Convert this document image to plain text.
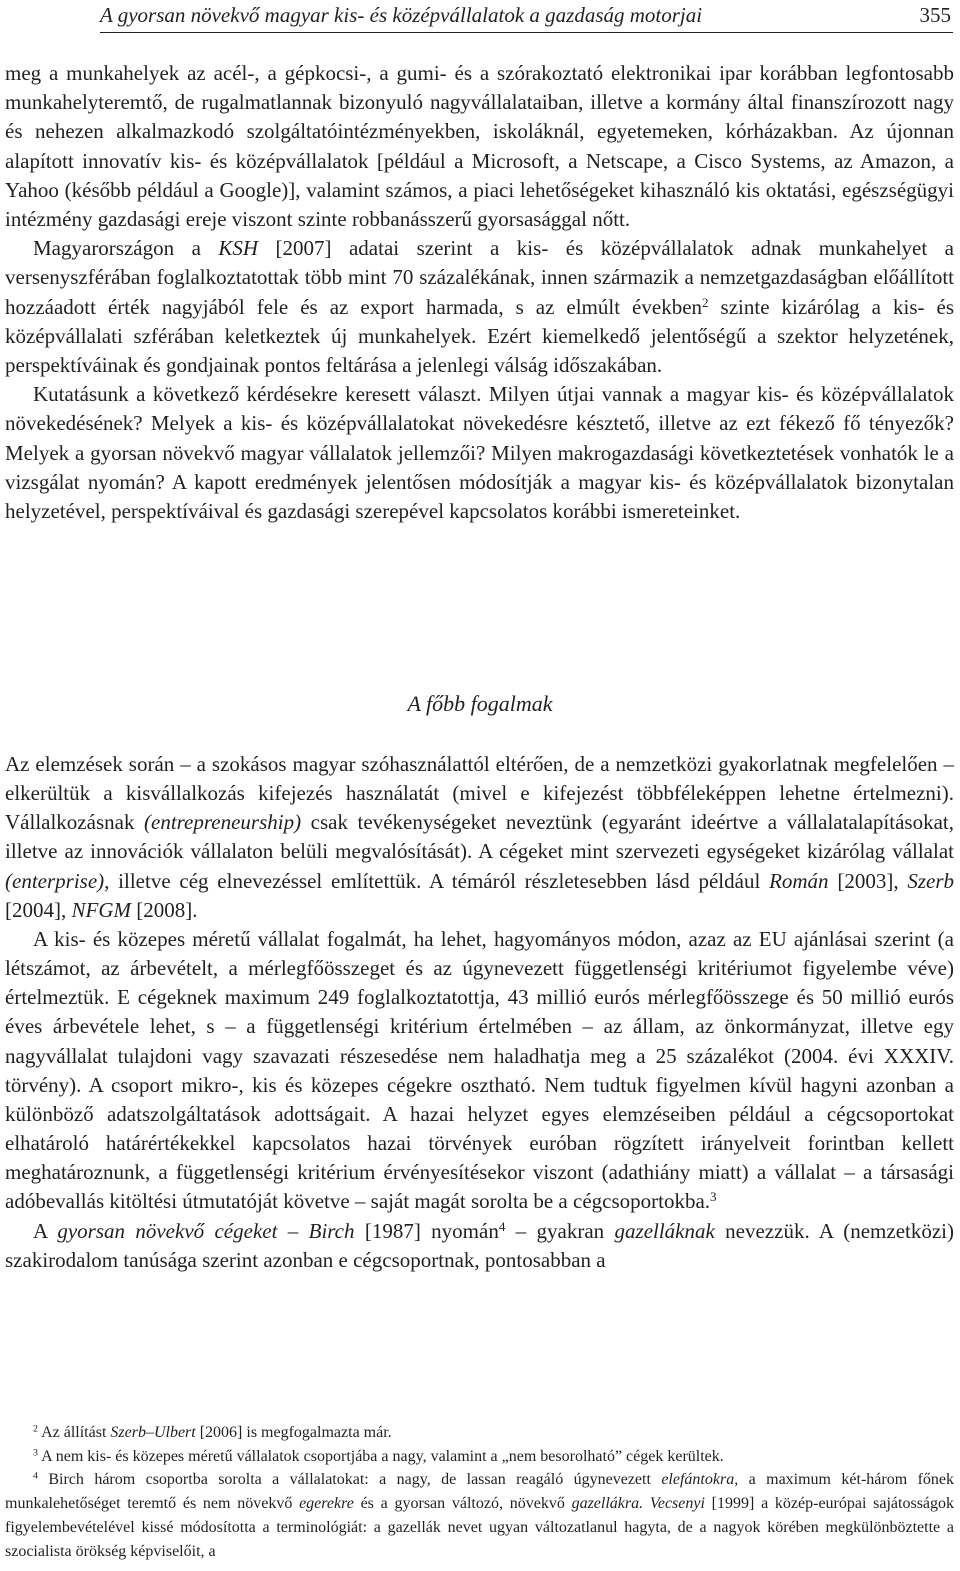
A gyorsan növekvő magyar kis- és középvállalatok a gazdaság motorjai	355

meg a munkahelyek az acél-, a gépkocsi-, a gumi- és a szórakoztató elektronikai ipar korábban legfontosabb munkahelyteremtő, de rugalmatlannak bizonyuló nagyvállalataiban, illetve a kormány által finanszírozott nagy és nehezen alkalmazkodó szolgáltatóintézményekben, iskoláknál, egyetemeken, kórházakban. Az újonnan alapított innovatív kis- és középvállalatok [például a Microsoft, a Netscape, a Cisco Systems, az Amazon, a Yahoo (később például a Google)], valamint számos, a piaci lehetőségeket kihasználó kis oktatási, egészségügyi intézmény gazdasági ereje viszont szinte robbanásszerű gyorsasággal nőtt.

Magyarországon a KSH [2007] adatai szerint a kis- és középvállalatok adnak munkahelyet a versenyszférában foglalkoztatottak több mint 70 százalékának, innen származik a nemzetgazdaságban előállított hozzáadott érték nagyjából fele és az export harmada, s az elmúlt években$^2$ szinte kizárólag a kis- és középvállalati szférában keletkeztek új munkahelyek. Ezért kiemelkedő jelentőségű a szektor helyzetének, perspektíváinak és gondjainak pontos feltárása a jelenlegi válság időszakában.

Kutatásunk a következő kérdésekre keresett választ. Milyen útjai vannak a magyar kis- és középvállalatok növekedésének? Melyek a kis- és középvállalatokat növekedésre késztető, illetve az ezt fékező fő tényezők? Melyek a gyorsan növekvő magyar vállalatok jellemzői? Milyen makrogazdasági következtetések vonhatók le a vizsgálat nyomán? A kapott eredmények jelentősen módosítják a magyar kis- és középvállalatok bizonytalan helyzetével, perspektíváival és gazdasági szerepével kapcsolatos korábbi ismereteinket.

A főbb fogalmak

Az elemzések során – a szokásos magyar szóhasználattól eltérően, de a nemzetközi gyakorlatnak megfelelően – elkerültük a kisvállalkozás kifejezés használatát (mivel e kifejezést többféleképpen lehetne értelmezni). Vállalkozásnak (entrepreneurship) csak tevékenységeket neveztünk (egyaránt ideértve a vállalatalapításokat, illetve az innovációk vállalaton belüli megvalósítását). A cégeket mint szervezeti egységeket kizárólag vállalat (enterprise), illetve cég elnevezéssel említettük. A témáról részletesebben lásd például Román [2003], Szerb [2004], NFGM [2008].

A kis- és közepes méretű vállalat fogalmát, ha lehet, hagyományos módon, azaz az EU ajánlásai szerint (a létszámot, az árbevételt, a mérlegfőösszeget és az úgynevezett függetlenségi kritériumot figyelembe véve) értelmeztük. E cégeknek maximum 249 foglalkoztatottja, 43 millió eurós mérlegfőösszege és 50 millió eurós éves árbevétele lehet, s – a függetlenségi kritérium értelmében – az állam, az önkormányzat, illetve egy nagyvállalat tulajdoni vagy szavazati részesedése nem haladhatja meg a 25 százalékot (2004. évi XXXIV. törvény). A csoport mikro-, kis és közepes cégekre osztható. Nem tudtuk figyelmen kívül hagyni azonban a különböző adatszolgáltatások adottságait. A hazai helyzet egyes elemzéseiben például a cégcsoportokat elhatároló határértékekkel kapcsolatos hazai törvények euróban rögzített irányelveit forintban kellett meghatároznunk, a függetlenségi kritérium érvényesítésekor viszont (adathiány miatt) a vállalat – a társasági adóbevallás kitöltési útmutatóját követve – saját magát sorolta be a cégcsoportokba.$^3$

A gyorsan növekvő cégeket – Birch [1987] nyomán$^4$ – gyakran gazelláknak nevezzük. A (nemzetközi) szakirodalom tanúsága szerint azonban e cégcsoportnak, pontosabban a

$^2$ Az állítást Szerb–Ulbert [2006] is megfogalmazta már.

$^3$ A nem kis- és közepes méretű vállalatok csoportjába a nagy, valamint a „nem besorolható” cégek kerültek.

$^4$ Birch három csoportba sorolta a vállalatokat: a nagy, de lassan reagáló úgynevezett elefántokra, a maximum két-három főnek munkalehetőséget teremtő és nem növekvő egerekre és a gyorsan változó, növekvő gazellákra. Vecsenyi [1999] a közép-európai sajátosságok figyelembevételével kissé módosította a terminológiát: a gazellák nevet ugyan változatlanul hagyta, de a nagyok körében megkülönböztette a szocialista örökség képviselőit, a
